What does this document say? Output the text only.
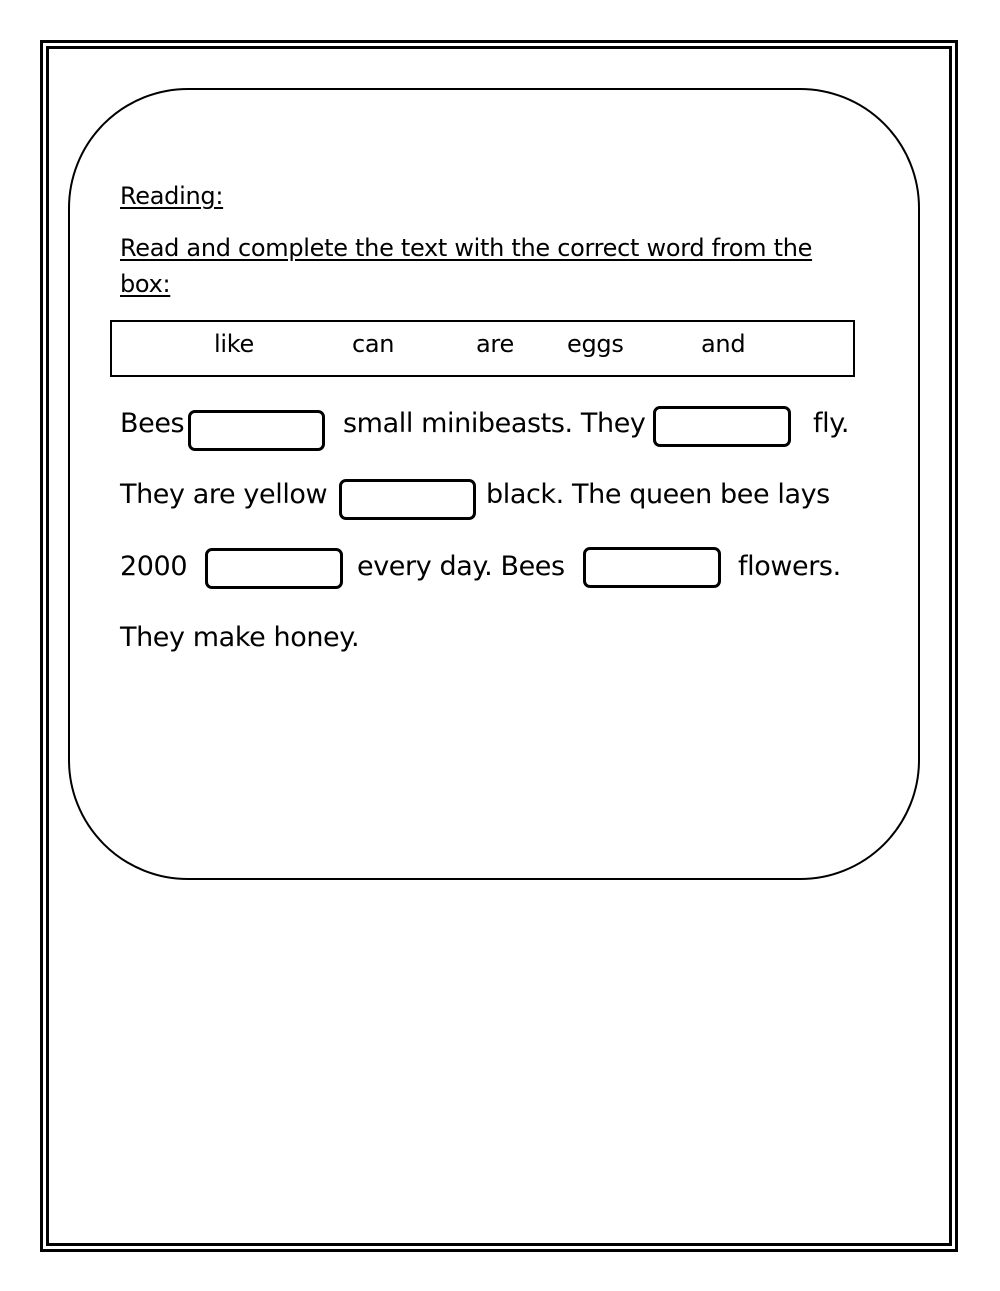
Reading:
Read and complete the text with the correct word from the box:
like	can	are eggs	and
Bees	small minibeasts. They	fly.
They are yellow	black. The queen bee lays
2000	every day. Bees	flowers.
They make honey.
